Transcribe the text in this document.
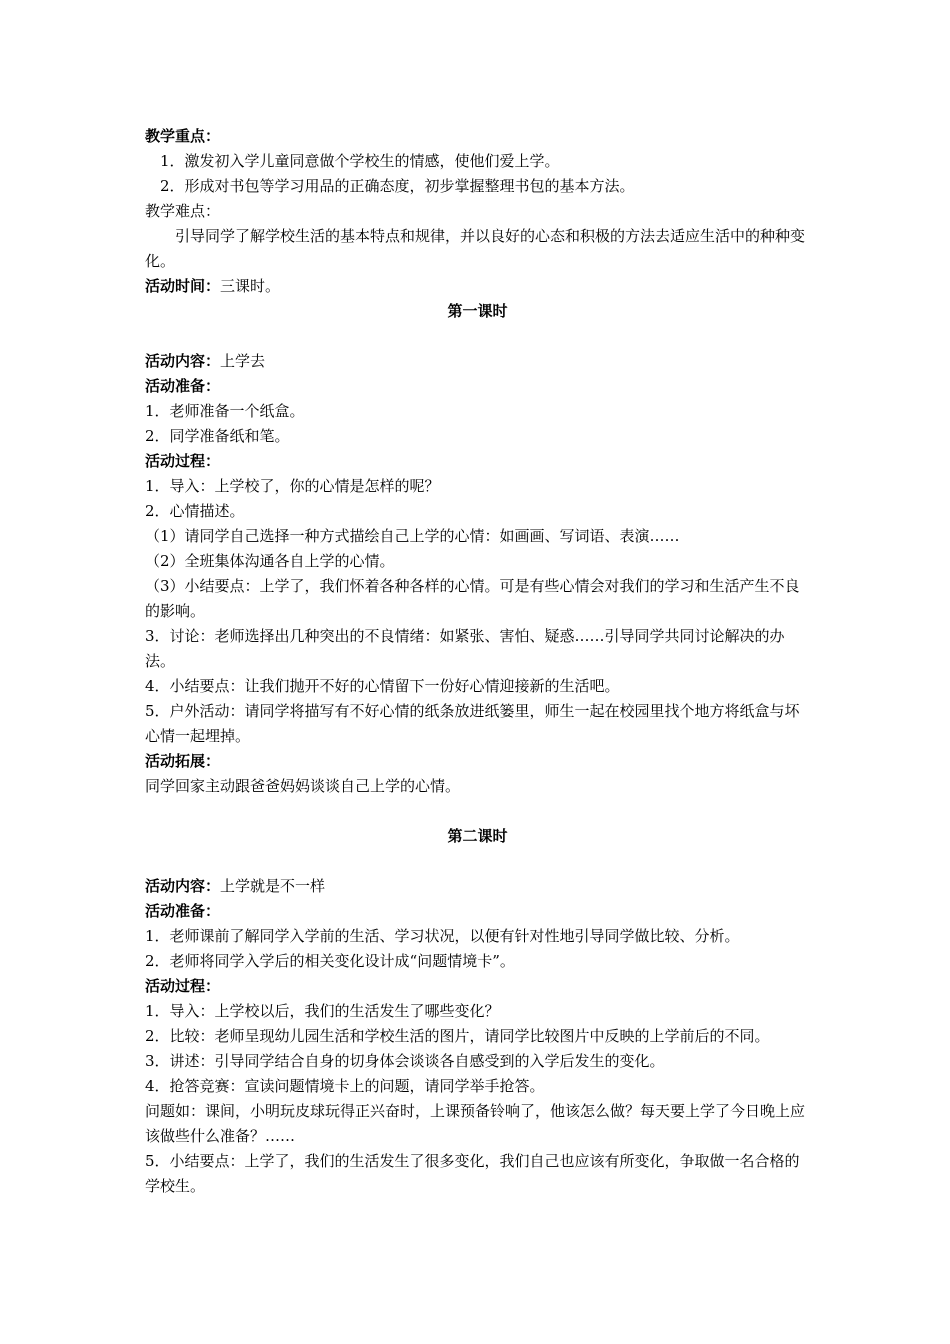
教学重点：
1．激发初入学儿童同意做个学校生的情感，使他们爱上学。
2．形成对书包等学习用品的正确态度，初步掌握整理书包的基本方法。
教学难点：
引导同学了解学校生活的基本特点和规律，并以良好的心态和积极的方法去适应生活中的种种变化。
活动时间：三课时。
第一课时
活动内容：上学去
活动准备：
1．老师准备一个纸盒。
2．同学准备纸和笔。
活动过程：
1．导入：上学校了，你的心情是怎样的呢？
2．心情描述。
（1）请同学自己选择一种方式描绘自己上学的心情：如画画、写词语、表演……
（2）全班集体沟通各自上学的心情。
（3）小结要点：上学了，我们怀着各种各样的心情。可是有些心情会对我们的学习和生活产生不良的影响。
3．讨论：老师选择出几种突出的不良情绪：如紧张、害怕、疑惑……引导同学共同讨论解决的办法。
4．小结要点：让我们抛开不好的心情留下一份好心情迎接新的生活吧。
5．户外活动：请同学将描写有不好心情的纸条放进纸篓里，师生一起在校园里找个地方将纸盒与坏心情一起埋掉。
活动拓展：
同学回家主动跟爸爸妈妈谈谈自己上学的心情。
第二课时
活动内容：上学就是不一样
活动准备：
1．老师课前了解同学入学前的生活、学习状况，以便有针对性地引导同学做比较、分析。
2．老师将同学入学后的相关变化设计成“问题情境卡”。
活动过程：
1．导入：上学校以后，我们的生活发生了哪些变化？
2．比较：老师呈现幼儿园生活和学校生活的图片，请同学比较图片中反映的上学前后的不同。
3．讲述：引导同学结合自身的切身体会谈谈各自感受到的入学后发生的变化。
4．抢答竞赛：宣读问题情境卡上的问题，请同学举手抢答。
问题如：课间，小明玩皮球玩得正兴奋时，上课预备铃响了，他该怎么做？每天要上学了今日晚上应该做些什么准备？……
5．小结要点：上学了，我们的生活发生了很多变化，我们自己也应该有所变化，争取做一名合格的学校生。
